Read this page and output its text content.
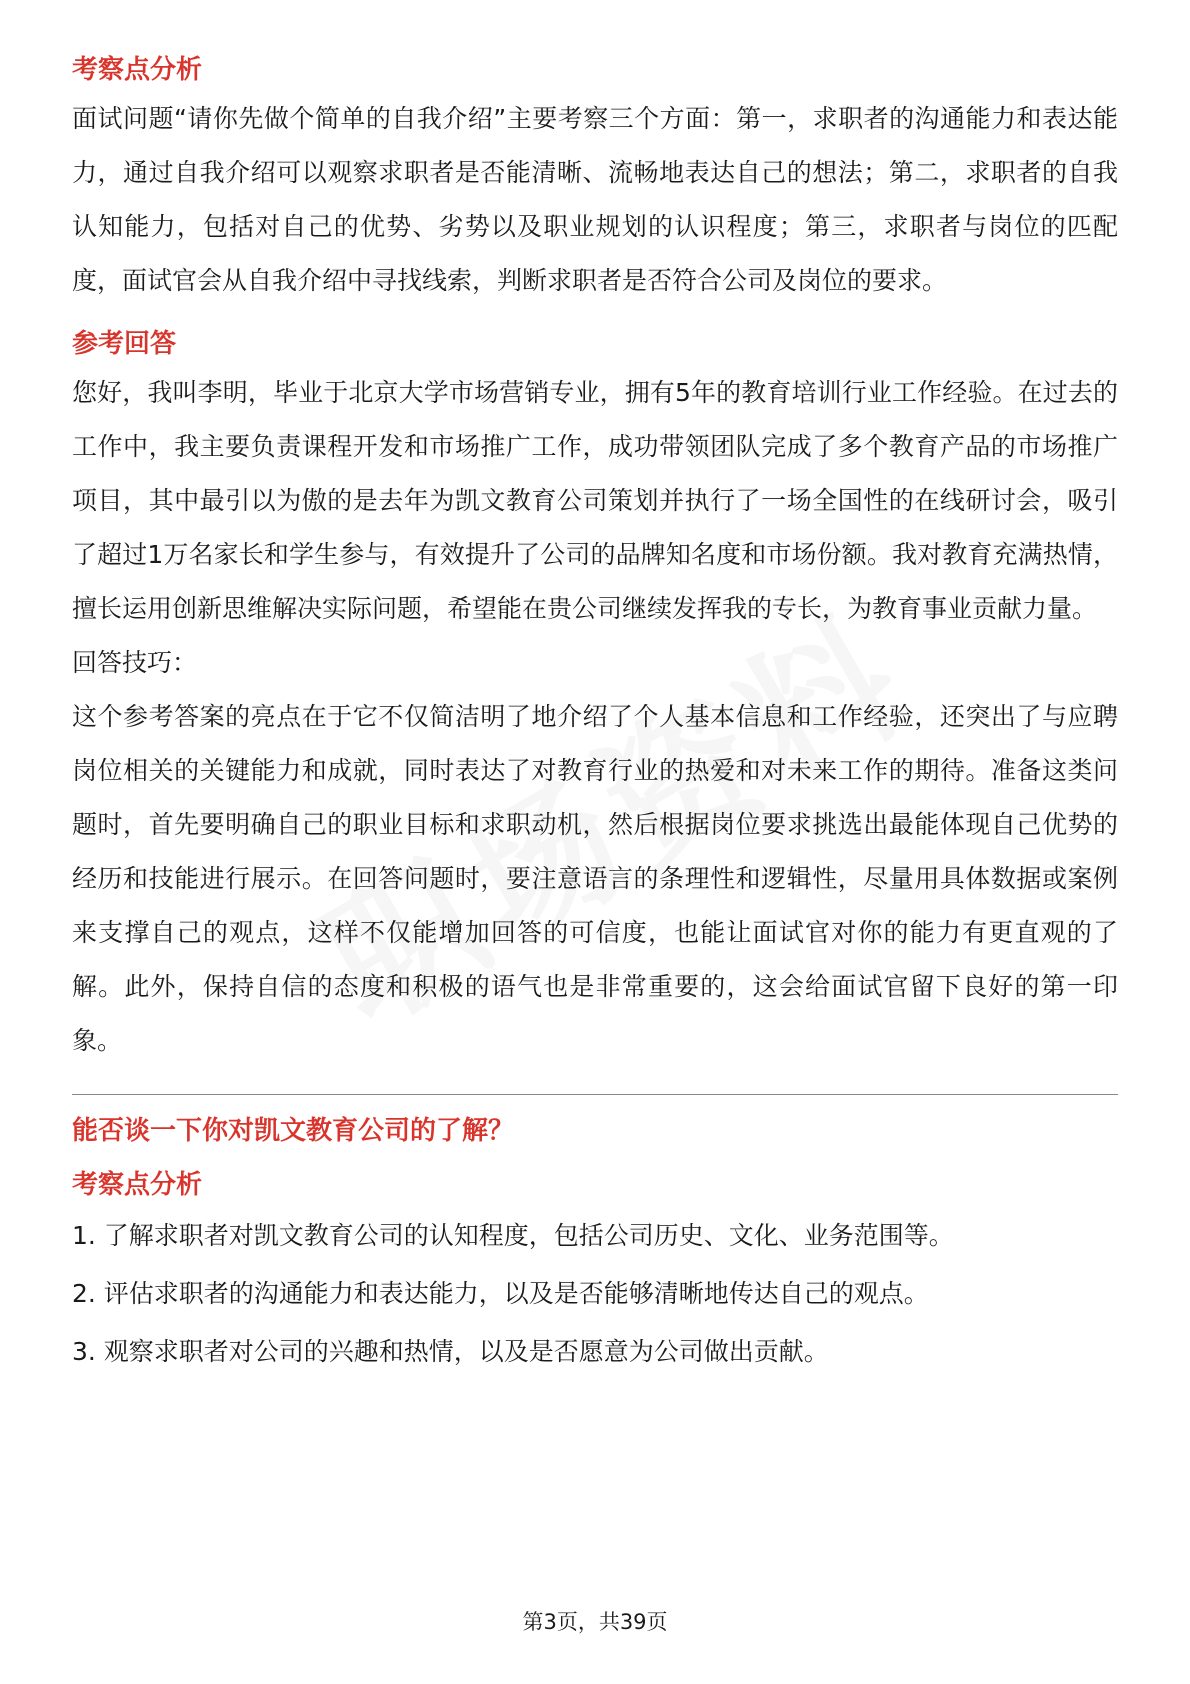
考察点分析

面试问题“请你先做个简单的自我介绍”主要考察三个方面：第一，求职者的沟通能力和表达能力，通过自我介绍可以观察求职者是否能清晰、流畅地表达自己的想法；第二，求职者的自我认知能力，包括对自己的优势、劣势以及职业规划的认识程度；第三，求职者与岗位的匹配度，面试官会从自我介绍中寻找线索，判断求职者是否符合公司及岗位的要求。

参考回答

您好，我叫李明，毕业于北京大学市场营销专业，拥有5年的教育培训行业工作经验。在过去的工作中，我主要负责课程开发和市场推广工作，成功带领团队完成了多个教育产品的市场推广项目，其中最引以为傲的是去年为凯文教育公司策划并执行了一场全国性的在线研讨会，吸引了超过1万名家长和学生参与，有效提升了公司的品牌知名度和市场份额。我对教育充满热情，擅长运用创新思维解决实际问题，希望能在贵公司继续发挥我的专长，为教育事业贡献力量。

回答技巧：

这个参考答案的亮点在于它不仅简洁明了地介绍了个人基本信息和工作经验，还突出了与应聘岗位相关的关键能力和成就，同时表达了对教育行业的热爱和对未来工作的期待。准备这类问题时，首先要明确自己的职业目标和求职动机，然后根据岗位要求挑选出最能体现自己优势的经历和技能进行展示。在回答问题时，要注意语言的条理性和逻辑性，尽量用具体数据或案例来支撑自己的观点，这样不仅能增加回答的可信度，也能让面试官对你的能力有更直观的了解。此外，保持自信的态度和积极的语气也是非常重要的，这会给面试官留下良好的第一印象。

能否谈一下你对凯文教育公司的了解？
考察点分析
1. 了解求职者对凯文教育公司的认知程度，包括公司历史、文化、业务范围等。
2. 评估求职者的沟通能力和表达能力，以及是否能够清晰地传达自己的观点。
3. 观察求职者对公司的兴趣和热情，以及是否愿意为公司做出贡献。
第3页，共39页
